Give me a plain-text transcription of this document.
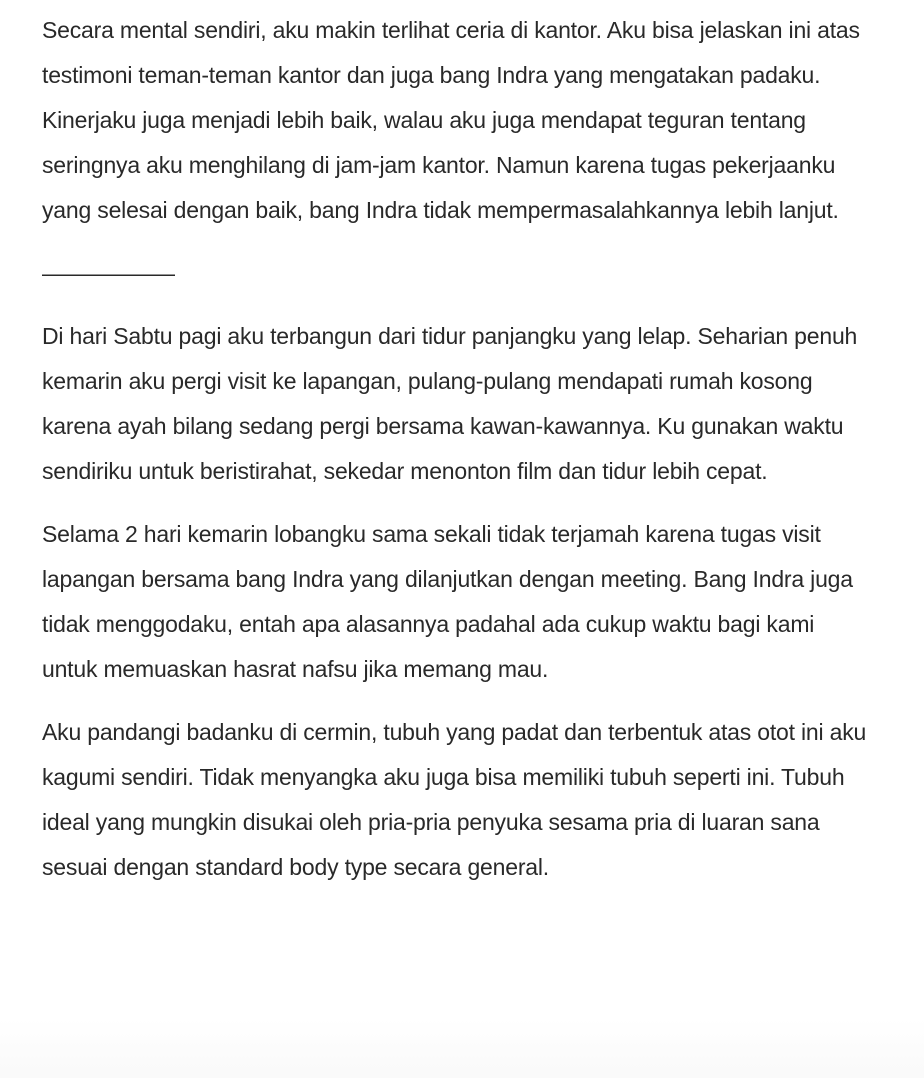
Secara mental sendiri, aku makin terlihat ceria di kantor. Aku bisa jelaskan ini atas testimoni teman-teman kantor dan juga bang Indra yang mengatakan padaku. Kinerjaku juga menjadi lebih baik, walau aku juga mendapat teguran tentang seringnya aku menghilang di jam-jam kantor. Namun karena tugas pekerjaanku yang selesai dengan baik, bang Indra tidak mempermasalahkannya lebih lanjut.

——————

Di hari Sabtu pagi aku terbangun dari tidur panjangku yang lelap. Seharian penuh kemarin aku pergi visit ke lapangan, pulang-pulang mendapati rumah kosong karena ayah bilang sedang pergi bersama kawan-kawannya. Ku gunakan waktu sendiriku untuk beristirahat, sekedar menonton film dan tidur lebih cepat.

Selama 2 hari kemarin lobangku sama sekali tidak terjamah karena tugas visit lapangan bersama bang Indra yang dilanjutkan dengan meeting. Bang Indra juga tidak menggodaku, entah apa alasannya padahal ada cukup waktu bagi kami untuk memuaskan hasrat nafsu jika memang mau.

Aku pandangi badanku di cermin, tubuh yang padat dan terbentuk atas otot ini aku kagumi sendiri. Tidak menyangka aku juga bisa memiliki tubuh seperti ini. Tubuh ideal yang mungkin disukai oleh pria-pria penyuka sesama pria di luaran sana sesuai dengan standard body type secara general.
